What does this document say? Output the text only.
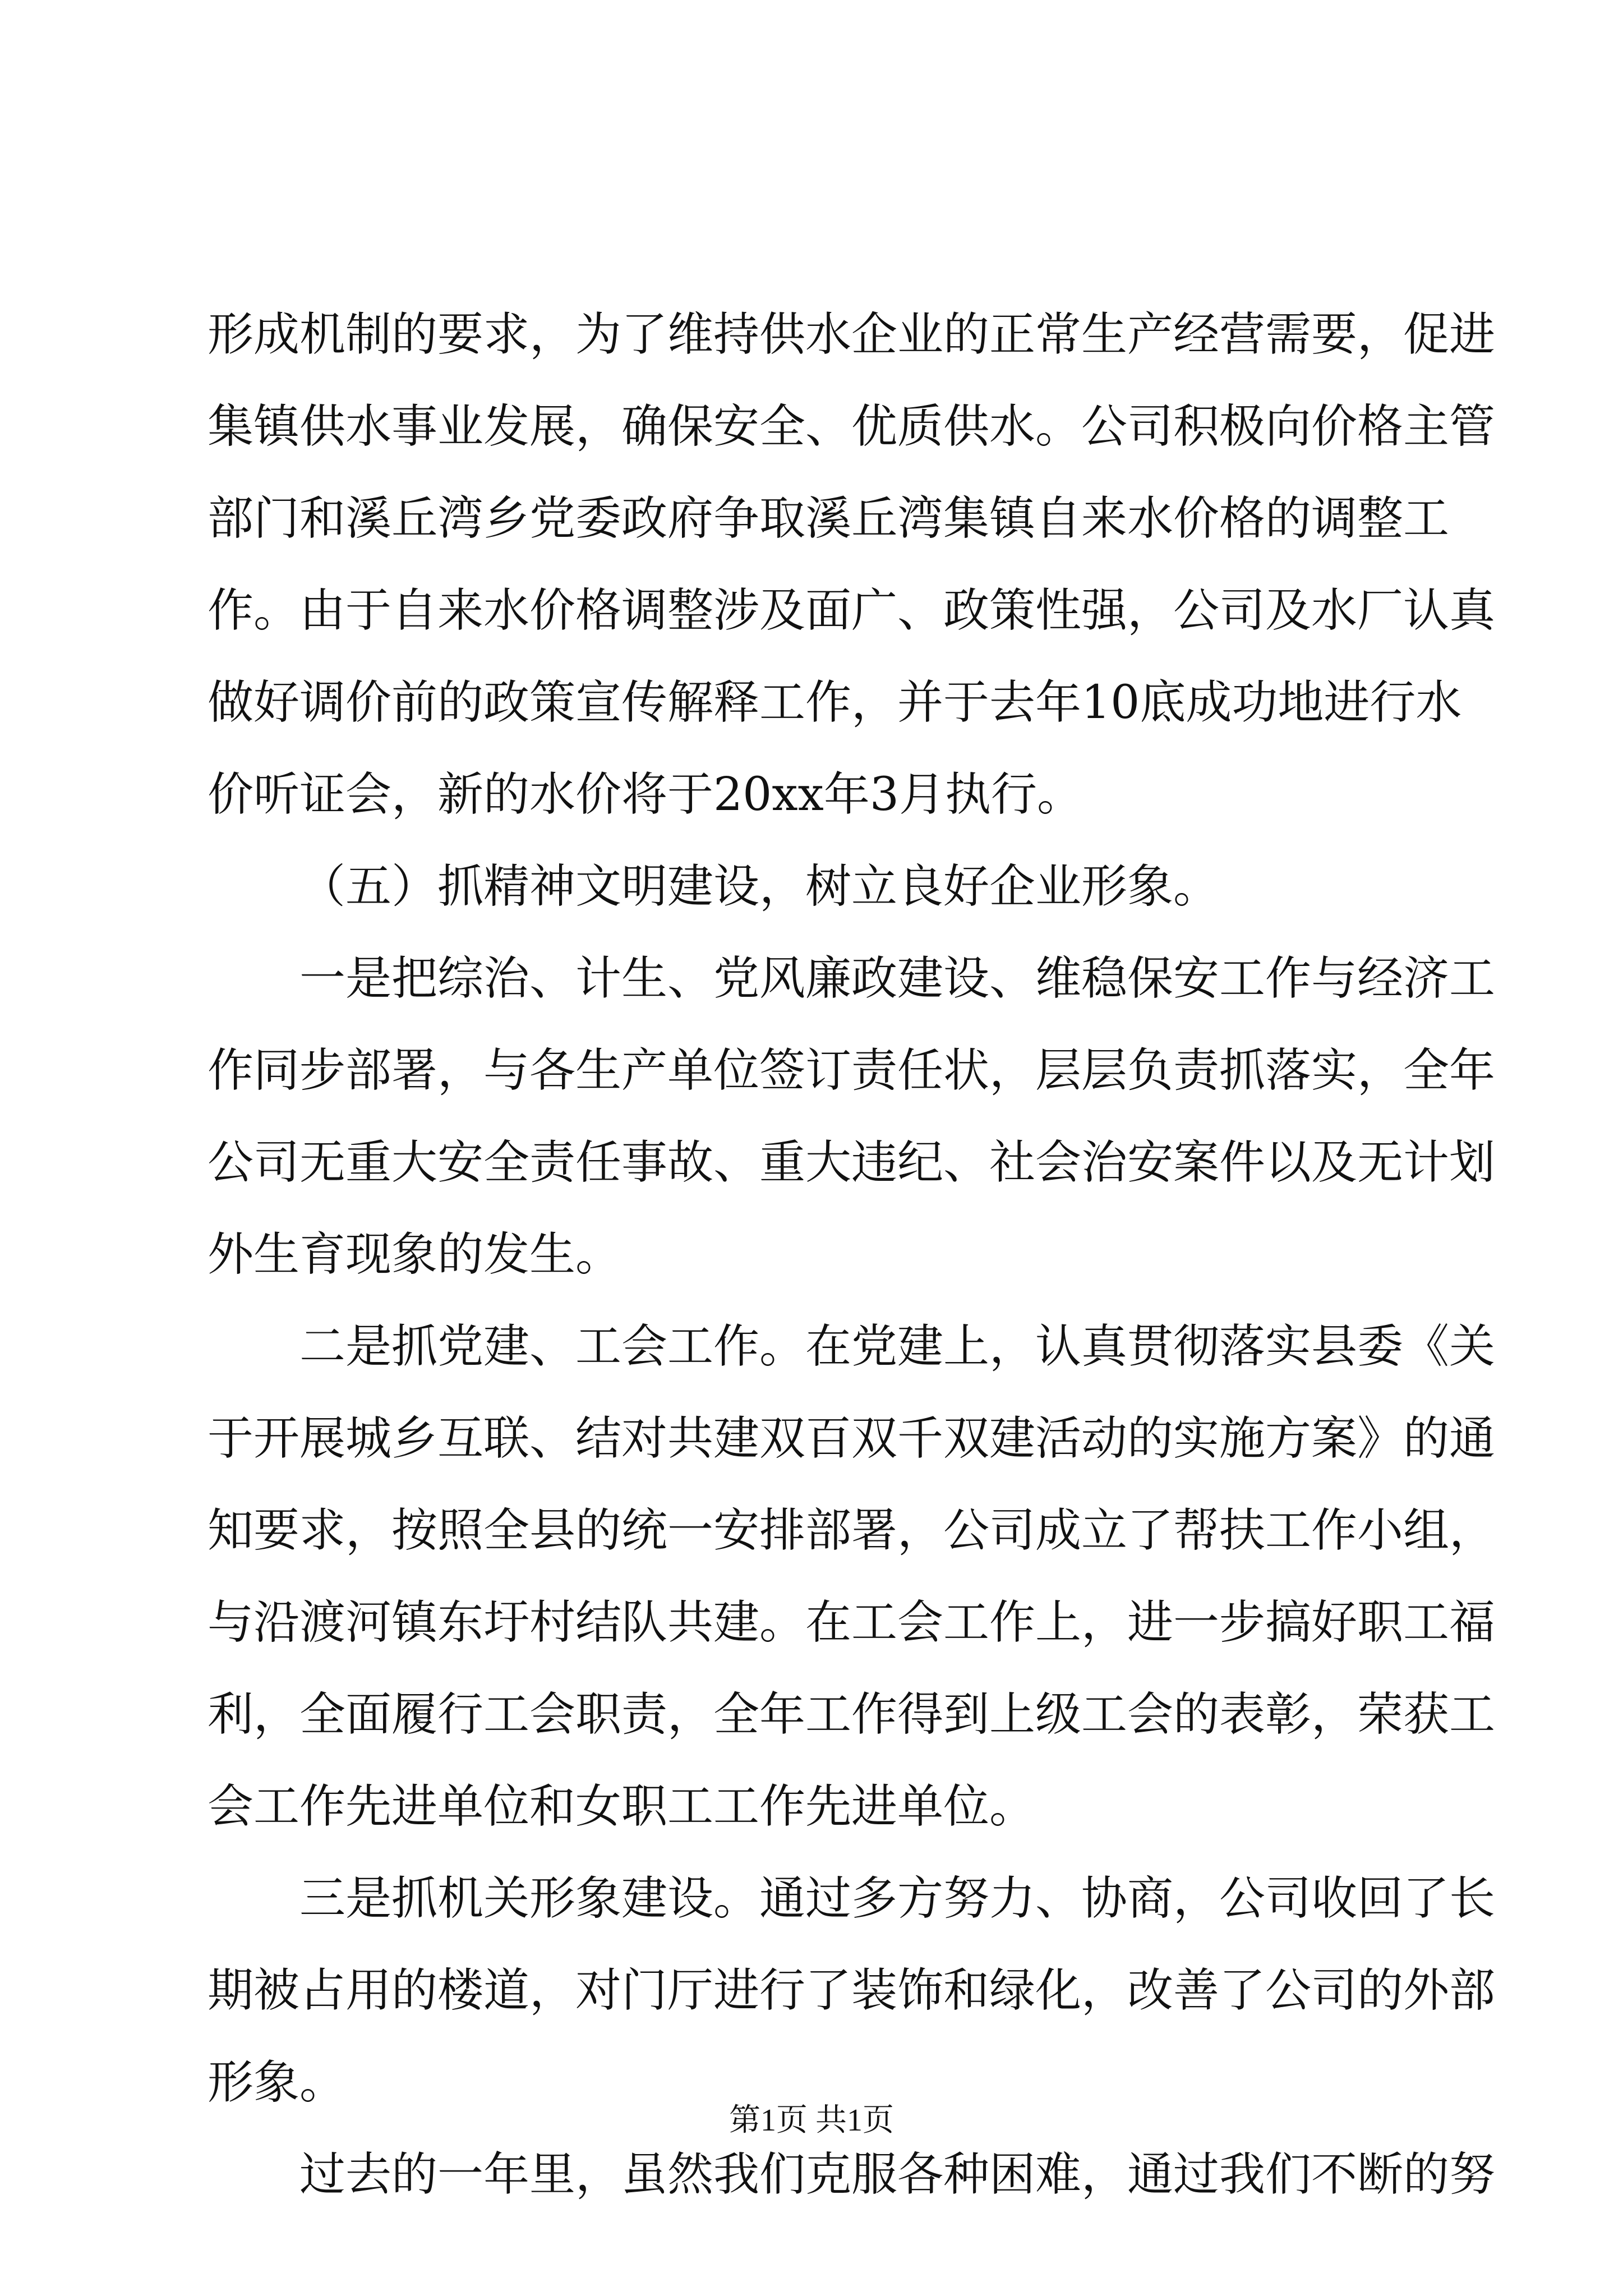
形成机制的要求，为了维持供水企业的正常生产经营需要，促进
集镇供水事业发展，确保安全、优质供水。公司积极向价格主管
部门和溪丘湾乡党委政府争取溪丘湾集镇自来水价格的调整工
作。由于自来水价格调整涉及面广、政策性强，公司及水厂认真
做好调价前的政策宣传解释工作，并于去年10底成功地进行水
价听证会，新的水价将于20xx年3月执行。
（五）抓精神文明建设，树立良好企业形象。
一是把综治、计生、党风廉政建设、维稳保安工作与经济工
作同步部署，与各生产单位签订责任状，层层负责抓落实，全年
公司无重大安全责任事故、重大违纪、社会治安案件以及无计划
外生育现象的发生。
二是抓党建、工会工作。在党建上，认真贯彻落实县委《关
于开展城乡互联、结对共建双百双千双建活动的实施方案》的通
知要求，按照全县的统一安排部署，公司成立了帮扶工作小组，
与沿渡河镇东圩村结队共建。在工会工作上，进一步搞好职工福
利，全面履行工会职责，全年工作得到上级工会的表彰，荣获工
会工作先进单位和女职工工作先进单位。
三是抓机关形象建设。通过多方努力、协商，公司收回了长
期被占用的楼道，对门厅进行了装饰和绿化，改善了公司的外部
形象。
过去的一年里，虽然我们克服各种困难，通过我们不断的努
第1页 共1页
